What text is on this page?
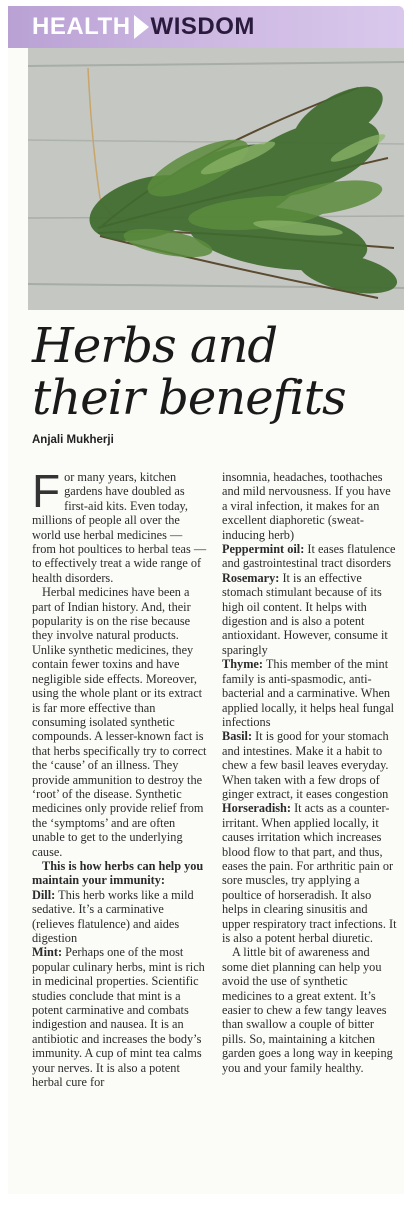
HEALTH WISDOM
Herbs and
their benefits
Anjali Mukherji

For many years, kitchen gardens have doubled as first-aid kits. Even today, millions of people all over the world use herbal medicines — from hot poultices to herbal teas — to effectively treat a wide range of health disorders.

Herbal medicines have been a part of Indian history. And, their popularity is on the rise because they involve natural products. Unlike synthetic medicines, they contain fewer toxins and have negligible side effects. Moreover, using the whole plant or its extract is far more effective than consuming isolated synthetic compounds. A lesser-known fact is that herbs specifically try to correct the ‘cause’ of an illness. They provide ammunition to destroy the ‘root’ of the disease. Synthetic medicines only provide relief from the ‘symptoms’ and are often unable to get to the underlying cause.

This is how herbs can help you maintain your immunity:

Dill: This herb works like a mild sedative. It’s a carminative (relieves flatulence) and aides digestion

Mint: Perhaps one of the most popular culinary herbs, mint is rich in medicinal properties. Scientific studies conclude that mint is a potent carminative and combats indigestion and nausea. It is an antibiotic and increases the body’s immunity. A cup of mint tea calms your nerves. It is also a potent herbal cure for

insomnia, headaches, toothaches and mild nervousness. If you have a viral infection, it makes for an excellent diaphoretic (sweat-inducing herb)

Peppermint oil: It eases flatulence and gastrointestinal tract disorders

Rosemary: It is an effective stomach stimulant because of its high oil content. It helps with digestion and is also a potent antioxidant. However, consume it sparingly

Thyme: This member of the mint family is anti-spasmodic, anti-bacterial and a carminative. When applied locally, it helps heal fungal infections

Basil: It is good for your stomach and intestines. Make it a habit to chew a few basil leaves everyday. When taken with a few drops of ginger extract, it eases congestion

Horseradish: It acts as a counter-irritant. When applied locally, it causes irritation which increases blood flow to that part, and thus, eases the pain. For arthritic pain or sore muscles, try applying a poultice of horseradish. It also helps in clearing sinusitis and upper respiratory tract infections. It is also a potent herbal diuretic.

A little bit of awareness and some diet planning can help you avoid the use of synthetic medicines to a great extent. It’s easier to chew a few tangy leaves than swallow a couple of bitter pills. So, maintaining a kitchen garden goes a long way in keeping you and your family healthy.
